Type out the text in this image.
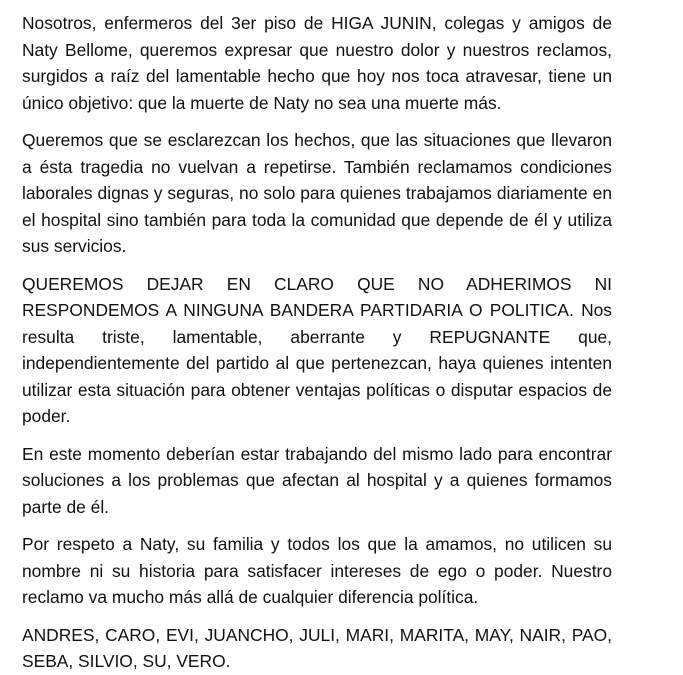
Nosotros, enfermeros del 3er piso de HIGA JUNIN, colegas y amigos de Naty Bellome, queremos expresar que nuestro dolor y nuestros reclamos, surgidos a raíz del lamentable hecho que hoy nos toca atravesar, tiene un único objetivo: que la muerte de Naty no sea una muerte más.

Queremos que se esclarezcan los hechos, que las situaciones que llevaron a ésta tragedia no vuelvan a repetirse. También reclamamos condiciones laborales dignas y seguras, no solo para quienes trabajamos diariamente en el hospital sino también para toda la comunidad que depende de él y utiliza sus servicios.

QUEREMOS DEJAR EN CLARO QUE NO ADHERIMOS NI RESPONDEMOS A NINGUNA BANDERA PARTIDARIA O POLITICA. Nos resulta triste, lamentable, aberrante y REPUGNANTE que, independientemente del partido al que pertenezcan, haya quienes intenten utilizar esta situación para obtener ventajas políticas o disputar espacios de poder.

En este momento deberían estar trabajando del mismo lado para encontrar soluciones a los problemas que afectan al hospital y a quienes formamos parte de él.

Por respeto a Naty, su familia y todos los que la amamos, no utilicen su nombre ni su historia para satisfacer intereses de ego o poder. Nuestro reclamo va mucho más allá de cualquier diferencia política.

ANDRES, CARO, EVI, JUANCHO, JULI, MARI, MARITA, MAY, NAIR, PAO, SEBA, SILVIO, SU, VERO.
